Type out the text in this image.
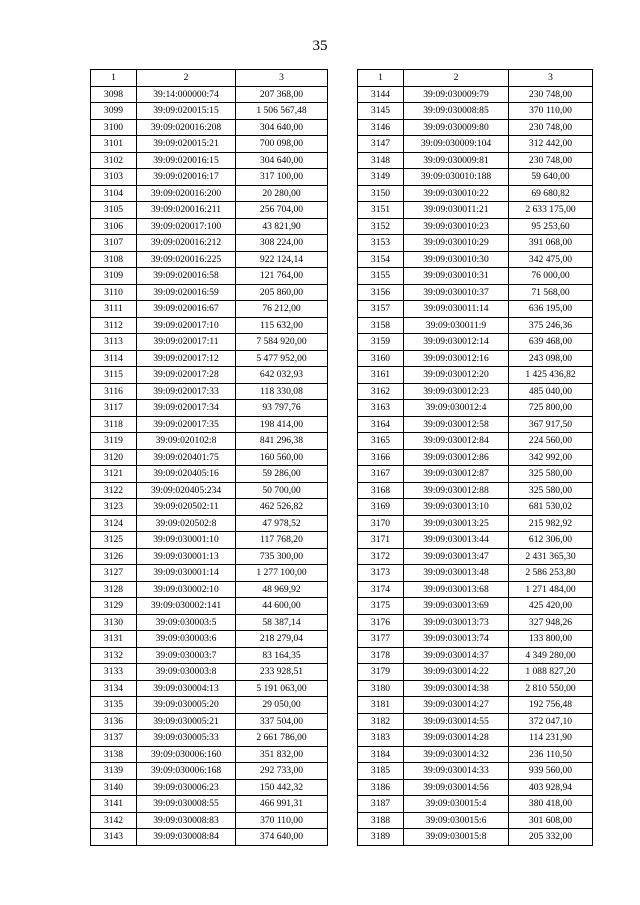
35
1	2	3
3098	39:14:000000:74	207 368,00
3099	39:09:020015:15	1 506 567,48
3100	39:09:020016:208	304 640,00
3101	39:09:020015:21	700 098,00
3102	39:09:020016:15	304 640,00
3103	39:09:020016:17	317 100,00
3104	39:09:020016:200	20 280,00
3105	39:09:020016:211	256 704,00
3106	39:09:020017:100	43 821,90
3107	39:09:020016:212	308 224,00
3108	39:09:020016:225	922 124,14
3109	39:09:020016:58	121 764,00
3110	39:09:020016:59	205 860,00
3111	39:09:020016:67	76 212,00
3112	39:09:020017:10	115 632,00
3113	39:09:020017:11	7 584 920,00
3114	39:09:020017:12	5 477 952,00
3115	39:09:020017:28	642 032,93
3116	39:09:020017:33	118 330,08
3117	39:09:020017:34	93 797,76
3118	39:09:020017:35	198 414,00
3119	39:09:020102:8	841 296,38
3120	39:09:020401:75	160 560,00
3121	39:09:020405:16	59 286,00
3122	39:09:020405:234	50 700,00
3123	39:09:020502:11	462 526,82
3124	39:09:020502:8	47 978,52
3125	39:09:030001:10	117 768,20
3126	39:09:030001:13	735 300,00
3127	39:09:030001:14	1 277 100,00
3128	39:09:030002:10	48 969,92
3129	39:09:030002:141	44 600,00
3130	39:09:030003:5	58 387,14
3131	39:09:030003:6	218 279,04
3132	39:09:030003:7	83 164,35
3133	39:09:030003:8	233 928,51
3134	39:09:030004:13	5 191 063,00
3135	39:09:030005:20	29 050,00
3136	39:09:030005:21	337 504,00
3137	39:09:030005:33	2 661 786,00
3138	39:09:030006:160	351 832,00
3139	39:09:030006:168	292 733,00
3140	39:09:030006:23	150 442,32
3141	39:09:030008:55	466 991,31
3142	39:09:030008:83	370 110,00
3143	39:09:030008:84	374 640,00
1	2	3
3144	39:09:030009:79	230 748,00
3145	39:09:030008:85	370 110,00
3146	39:09:030009:80	230 748,00
3147	39:09:030009:104	312 442,00
3148	39:09:030009:81	230 748,00
3149	39:09:030010:188	59 640,00
3150	39:09:030010:22	69 680,82
3151	39:09:030011:21	2 633 175,00
3152	39:09:030010:23	95 253,60
3153	39:09:030010:29	391 068,00
3154	39:09:030010:30	342 475,00
3155	39:09:030010:31	76 000,00
3156	39:09:030010:37	71 568,00
3157	39:09:030011:14	636 195,00
3158	39:09:030011:9	375 246,36
3159	39:09:030012:14	639 468,00
3160	39:09:030012:16	243 098,00
3161	39:09:030012:20	1 425 436,82
3162	39:09:030012:23	485 040,00
3163	39:09:030012:4	725 800,00
3164	39:09:030012:58	367 917,50
3165	39:09:030012:84	224 560,00
3166	39:09:030012:86	342 992,00
3167	39:09:030012:87	325 580,00
3168	39:09:030012:88	325 580,00
3169	39:09:030013:10	681 530,02
3170	39:09:030013:25	215 982,92
3171	39:09:030013:44	612 306,00
3172	39:09:030013:47	2 431 365,30
3173	39:09:030013:48	2 586 253,80
3174	39:09:030013:68	1 271 484,00
3175	39:09:030013:69	425 420,00
3176	39:09:030013:73	327 948,26
3177	39:09:030013:74	133 800,00
3178	39:09:030014:37	4 349 280,00
3179	39:09:030014:22	1 088 827,20
3180	39:09:030014:38	2 810 550,00
3181	39:09:030014:27	192 756,48
3182	39:09:030014:55	372 047,10
3183	39:09:030014:28	114 231,90
3184	39:09:030014:32	236 110,50
3185	39:09:030014:33	939 560,00
3186	39:09:030014:56	403 928,94
3187	39:09:030015:4	380 418,00
3188	39:09:030015:6	301 608,00
3189	39:09:030015:8	205 332,00
